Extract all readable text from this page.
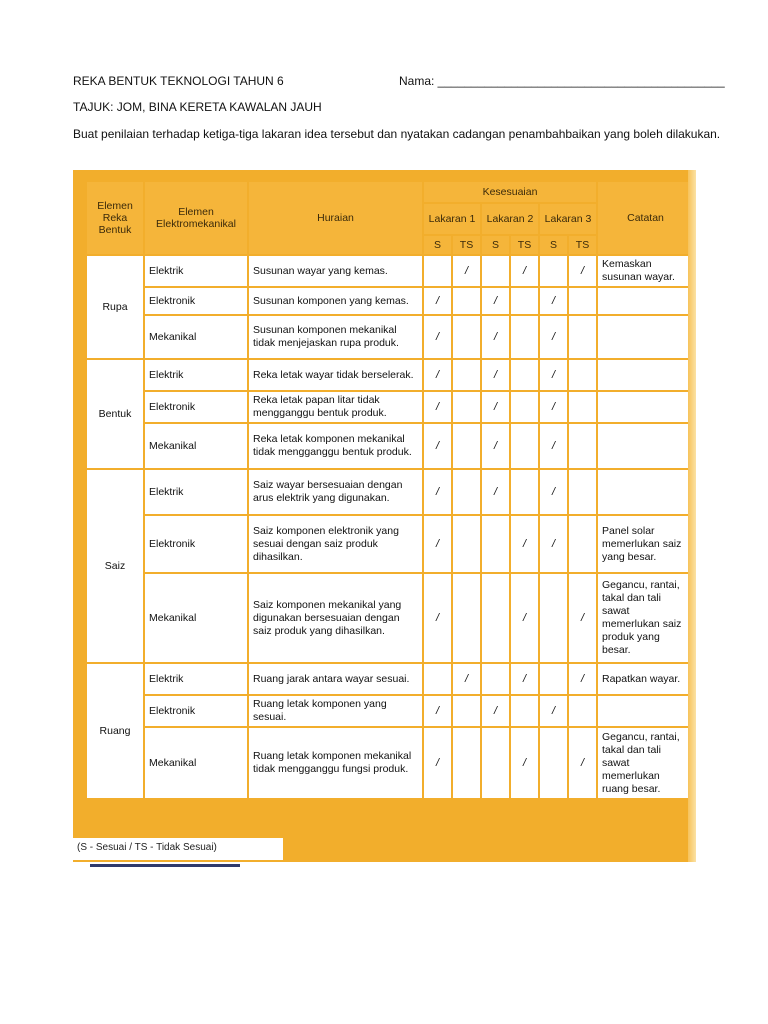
REKA BENTUK TEKNOLOGI TAHUN 6	Nama: ___________________________________________
TAJUK: JOM, BINA KERETA KAWALAN JAUH
Buat penilaian terhadap ketiga-tiga lakaran idea tersebut dan nyatakan cadangan penambahbaikan yang boleh dilakukan.
Elemen Reka Bentuk	Elemen Elektromekanikal	Huraian	Kesesuaian						Catatan
			Lakaran 1		Lakaran 2		Lakaran 3		
			S	TS	S	TS	S	TS	
Rupa	Elektrik	Susunan wayar yang kemas.		/		/		/	Kemaskan susunan wayar.
	Elektronik	Susunan komponen yang kemas.	/		/		/		
	Mekanikal	Susunan komponen mekanikal tidak menjejaskan rupa produk.	/		/		/		
Bentuk	Elektrik	Reka letak wayar tidak berselerak.	/		/		/		
	Elektronik	Reka letak papan litar tidak mengganggu bentuk produk.	/		/		/		
	Mekanikal	Reka letak komponen mekanikal tidak mengganggu bentuk produk.	/		/		/		
Saiz	Elektrik	Saiz wayar bersesuaian dengan arus elektrik yang digunakan.	/		/		/		
	Elektronik	Saiz komponen elektronik yang sesuai dengan saiz produk dihasilkan.	/			/	/		Panel solar memerlukan saiz yang besar.
	Mekanikal	Saiz komponen mekanikal yang digunakan bersesuaian dengan saiz produk yang dihasilkan.	/			/		/	Gegancu, rantai, takal dan tali sawat memerlukan saiz produk yang besar.
Ruang	Elektrik	Ruang jarak antara wayar sesuai.		/		/		/	Rapatkan wayar.
	Elektronik	Ruang letak komponen yang sesuai.	/		/		/		
	Mekanikal	Ruang letak komponen mekanikal tidak mengganggu fungsi produk.	/			/		/	Gegancu, rantai, takal dan tali sawat memerlukan ruang besar.
(S - Sesuai / TS - Tidak Sesuai)
